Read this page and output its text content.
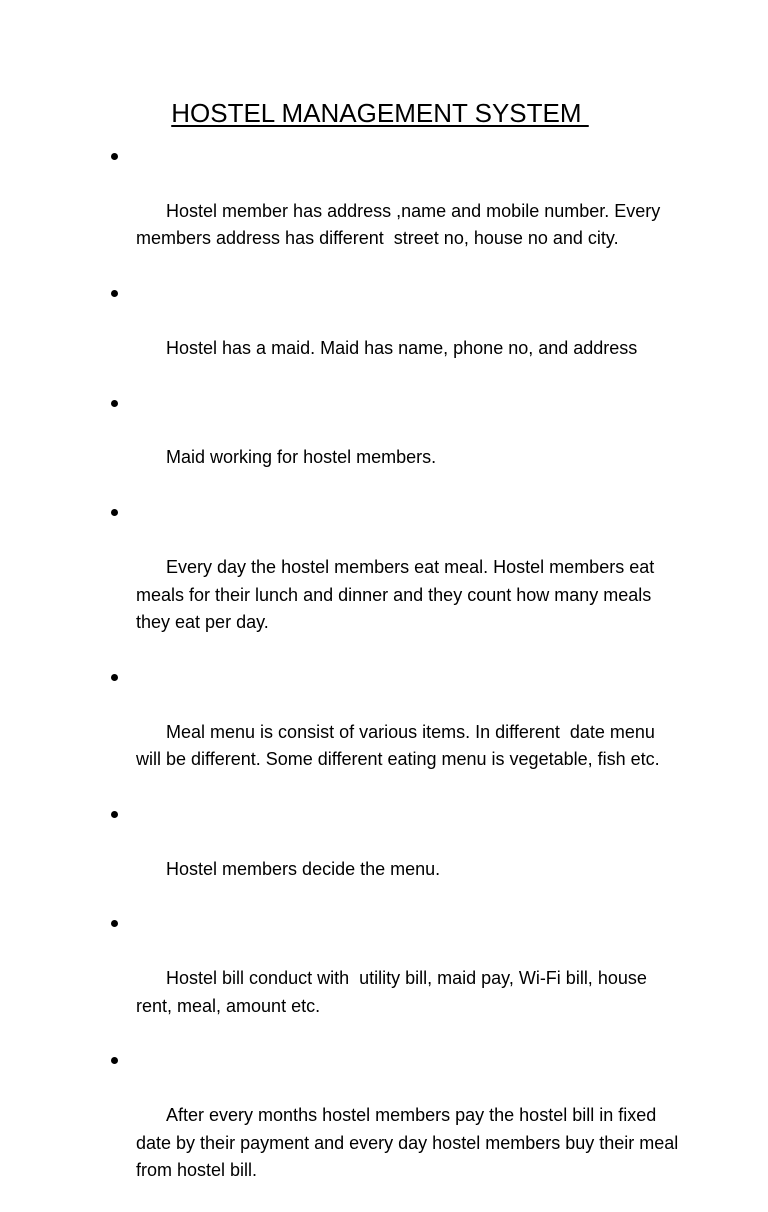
HOSTEL MANAGEMENT SYSTEM

Hostel member has address ,name and mobile number. Every members address has different  street no, house no and city.

Hostel has a maid. Maid has name, phone no, and address

Maid working for hostel members.

Every day the hostel members eat meal. Hostel members eat meals for their lunch and dinner and they count how many meals they eat per day.

Meal menu is consist of various items. In different  date menu will be different. Some different eating menu is vegetable, fish etc.

Hostel members decide the menu.

Hostel bill conduct with  utility bill, maid pay, Wi-Fi bill, house rent, meal, amount etc.

After every months hostel members pay the hostel bill in fixed date by their payment and every day hostel members buy their meal from hostel bill.
